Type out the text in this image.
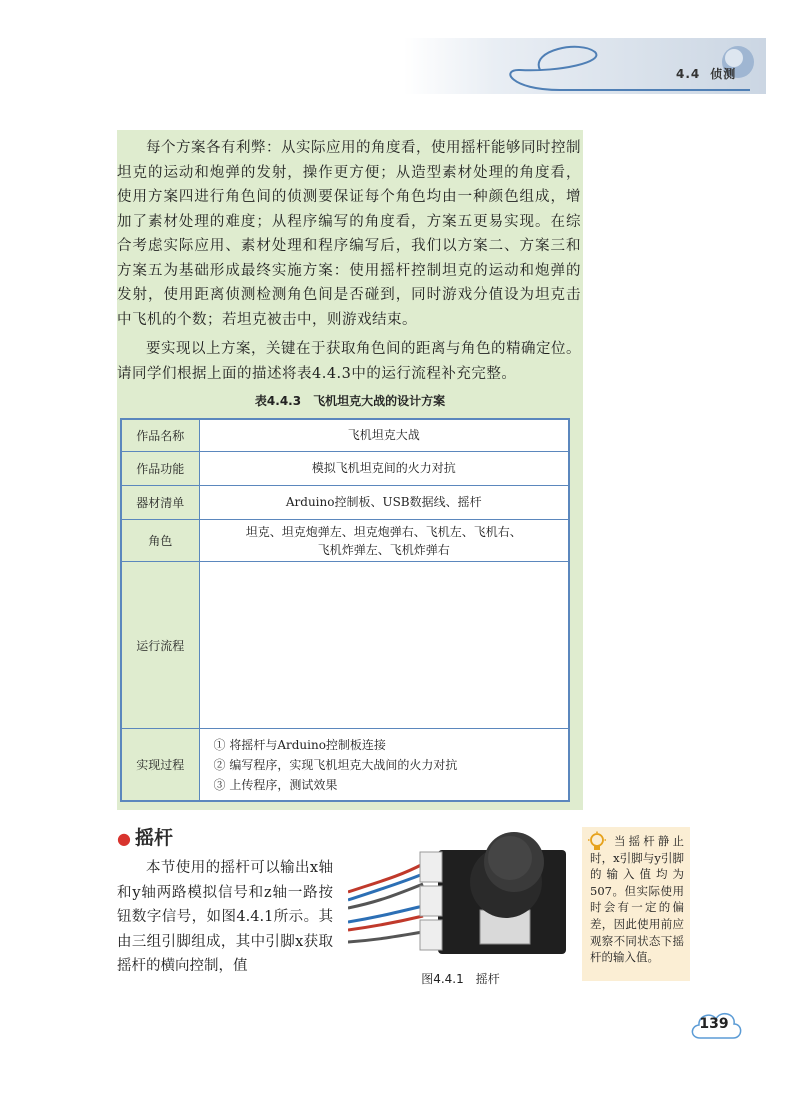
4.4 侦测

每个方案各有利弊：从实际应用的角度看，使用摇杆能够同时控制坦克的运动和炮弹的发射，操作更方便；从造型素材处理的角度看，使用方案四进行角色间的侦测要保证每个角色均由一种颜色组成，增加了素材处理的难度；从程序编写的角度看，方案五更易实现。在综合考虑实际应用、素材处理和程序编写后，我们以方案二、方案三和方案五为基础形成最终实施方案：使用摇杆控制坦克的运动和炮弹的发射，使用距离侦测检测角色间是否碰到，同时游戏分值设为坦克击中飞机的个数；若坦克被击中，则游戏结束。

要实现以上方案，关键在于获取角色间的距离与角色的精确定位。请同学们根据上面的描述将表4.4.3中的运行流程补充完整。

表4.4.3　飞机坦克大战的设计方案
作品名称	飞机坦克大战
作品功能	模拟飞机坦克间的火力对抗
器材清单	Arduino控制板、USB数据线、摇杆
角色	坦克、坦克炮弹左、坦克炮弹右、飞机左、飞机右、
飞机炸弹左、飞机炸弹右

运行流程	
实现过程	① 将摇杆与Arduino控制板连接
② 编写程序，实现飞机坦克大战间的火力对抗
③ 上传程序，测试效果
● 摇杆

本节使用的摇杆可以输出x轴和y轴两路模拟信号和z轴一路按钮数字信号，如图4.4.1所示。其由三组引脚组成，其中引脚x获取摇杆的横向控制，值

图4.4.1　摇杆

当摇杆静止时，x引脚与y引脚的输入值均为507。但实际使用时会有一定的偏差，因此使用前应观察不同状态下摇杆的输入值。

139
